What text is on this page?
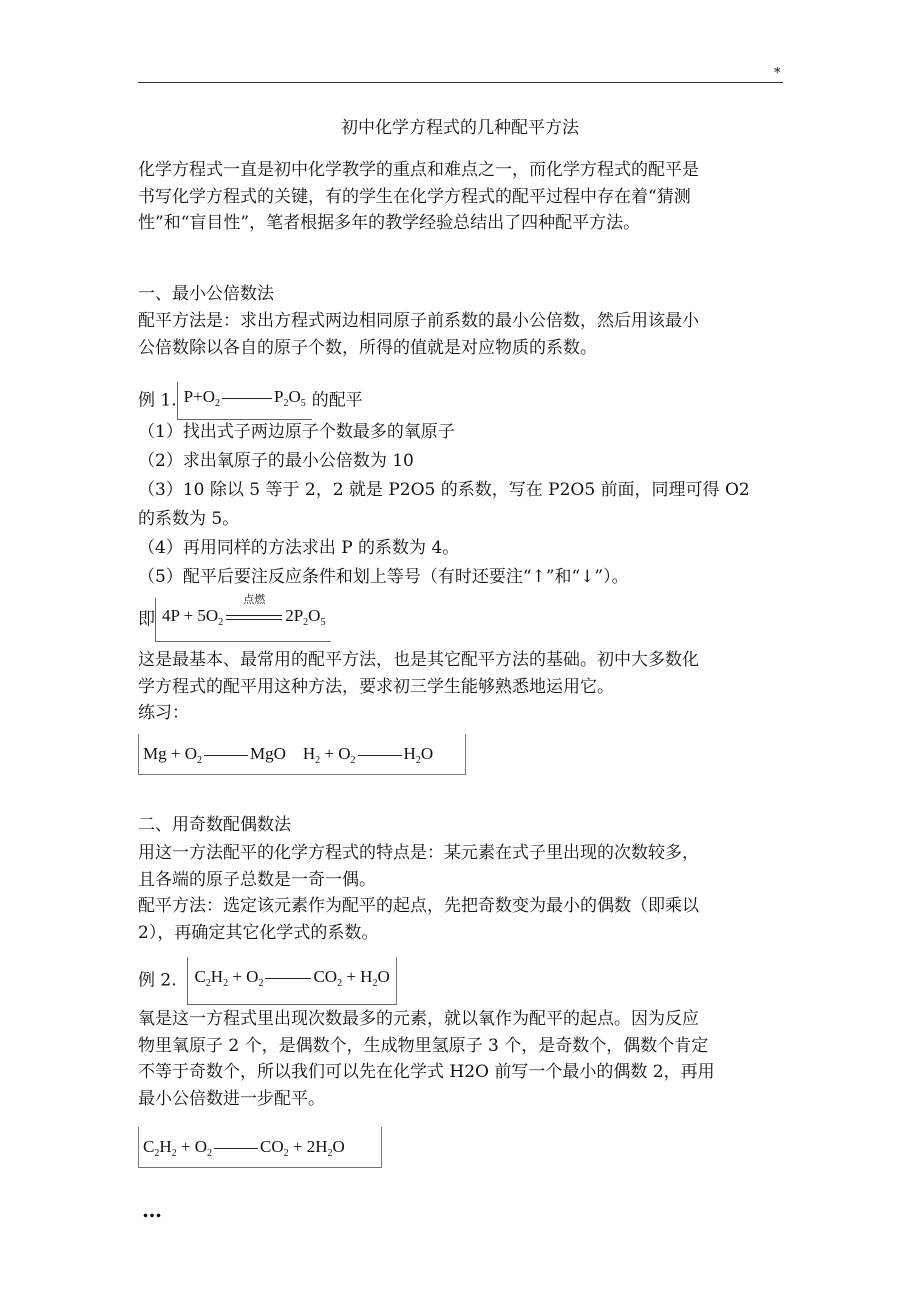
*
初中化学方程式的几种配平方法
化学方程式一直是初中化学教学的重点和难点之一，而化学方程式的配平是
书写化学方程式的关键，有的学生在化学方程式的配平过程中存在着“猜测
性”和“盲目性”，笔者根据多年的教学经验总结出了四种配平方法。
一、最小公倍数法
配平方法是：求出方程式两边相同原子前系数的最小公倍数，然后用该最小
公倍数除以各自的原子个数，所得的值就是对应物质的系数。
例 1. $P+O_2$	$P_2O_5$ 的配平
（1）找出式子两边原子个数最多的氧原子
（2）求出氧原子的最小公倍数为 10
（3）10 除以 5 等于 2，2 就是 P2O5 的系数，写在 P2O5 前面，同理可得 O2
的系数为 5。
（4）再用同样的方法求出 P 的系数为 4。
（5）配平后要注反应条件和划上等号（有时还要注“↑”和“↓”）。
即 $4P + 5O_2$
点燃
$2P_2O_5$
这是最基本、最常用的配平方法，也是其它配平方法的基础。初中大多数化
学方程式的配平用这种方法，要求初三学生能够熟悉地运用它。
练习：
$Mg + O_2$	MgO $H_2 + O_2$	$H_2O$
二、用奇数配偶数法
用这一方法配平的化学方程式的特点是：某元素在式子里出现的次数较多，
且各端的原子总数是一奇一偶。
配平方法：选定该元素作为配平的起点，先把奇数变为最小的偶数（即乘以
2），再确定其它化学式的系数。
例 2. $C_2H_2 + O_2$	$CO_2 + H_2O$
氧是这一方程式里出现次数最多的元素，就以氧作为配平的起点。因为反应
物里氧原子 2 个，是偶数个，生成物里氢原子 3 个，是奇数个，偶数个肯定
不等于奇数个，所以我们可以先在化学式 H2O 前写一个最小的偶数 2，再用
最小公倍数进一步配平。
$C_2H_2 + O_2$	$CO_2 + 2H_2O$
…
